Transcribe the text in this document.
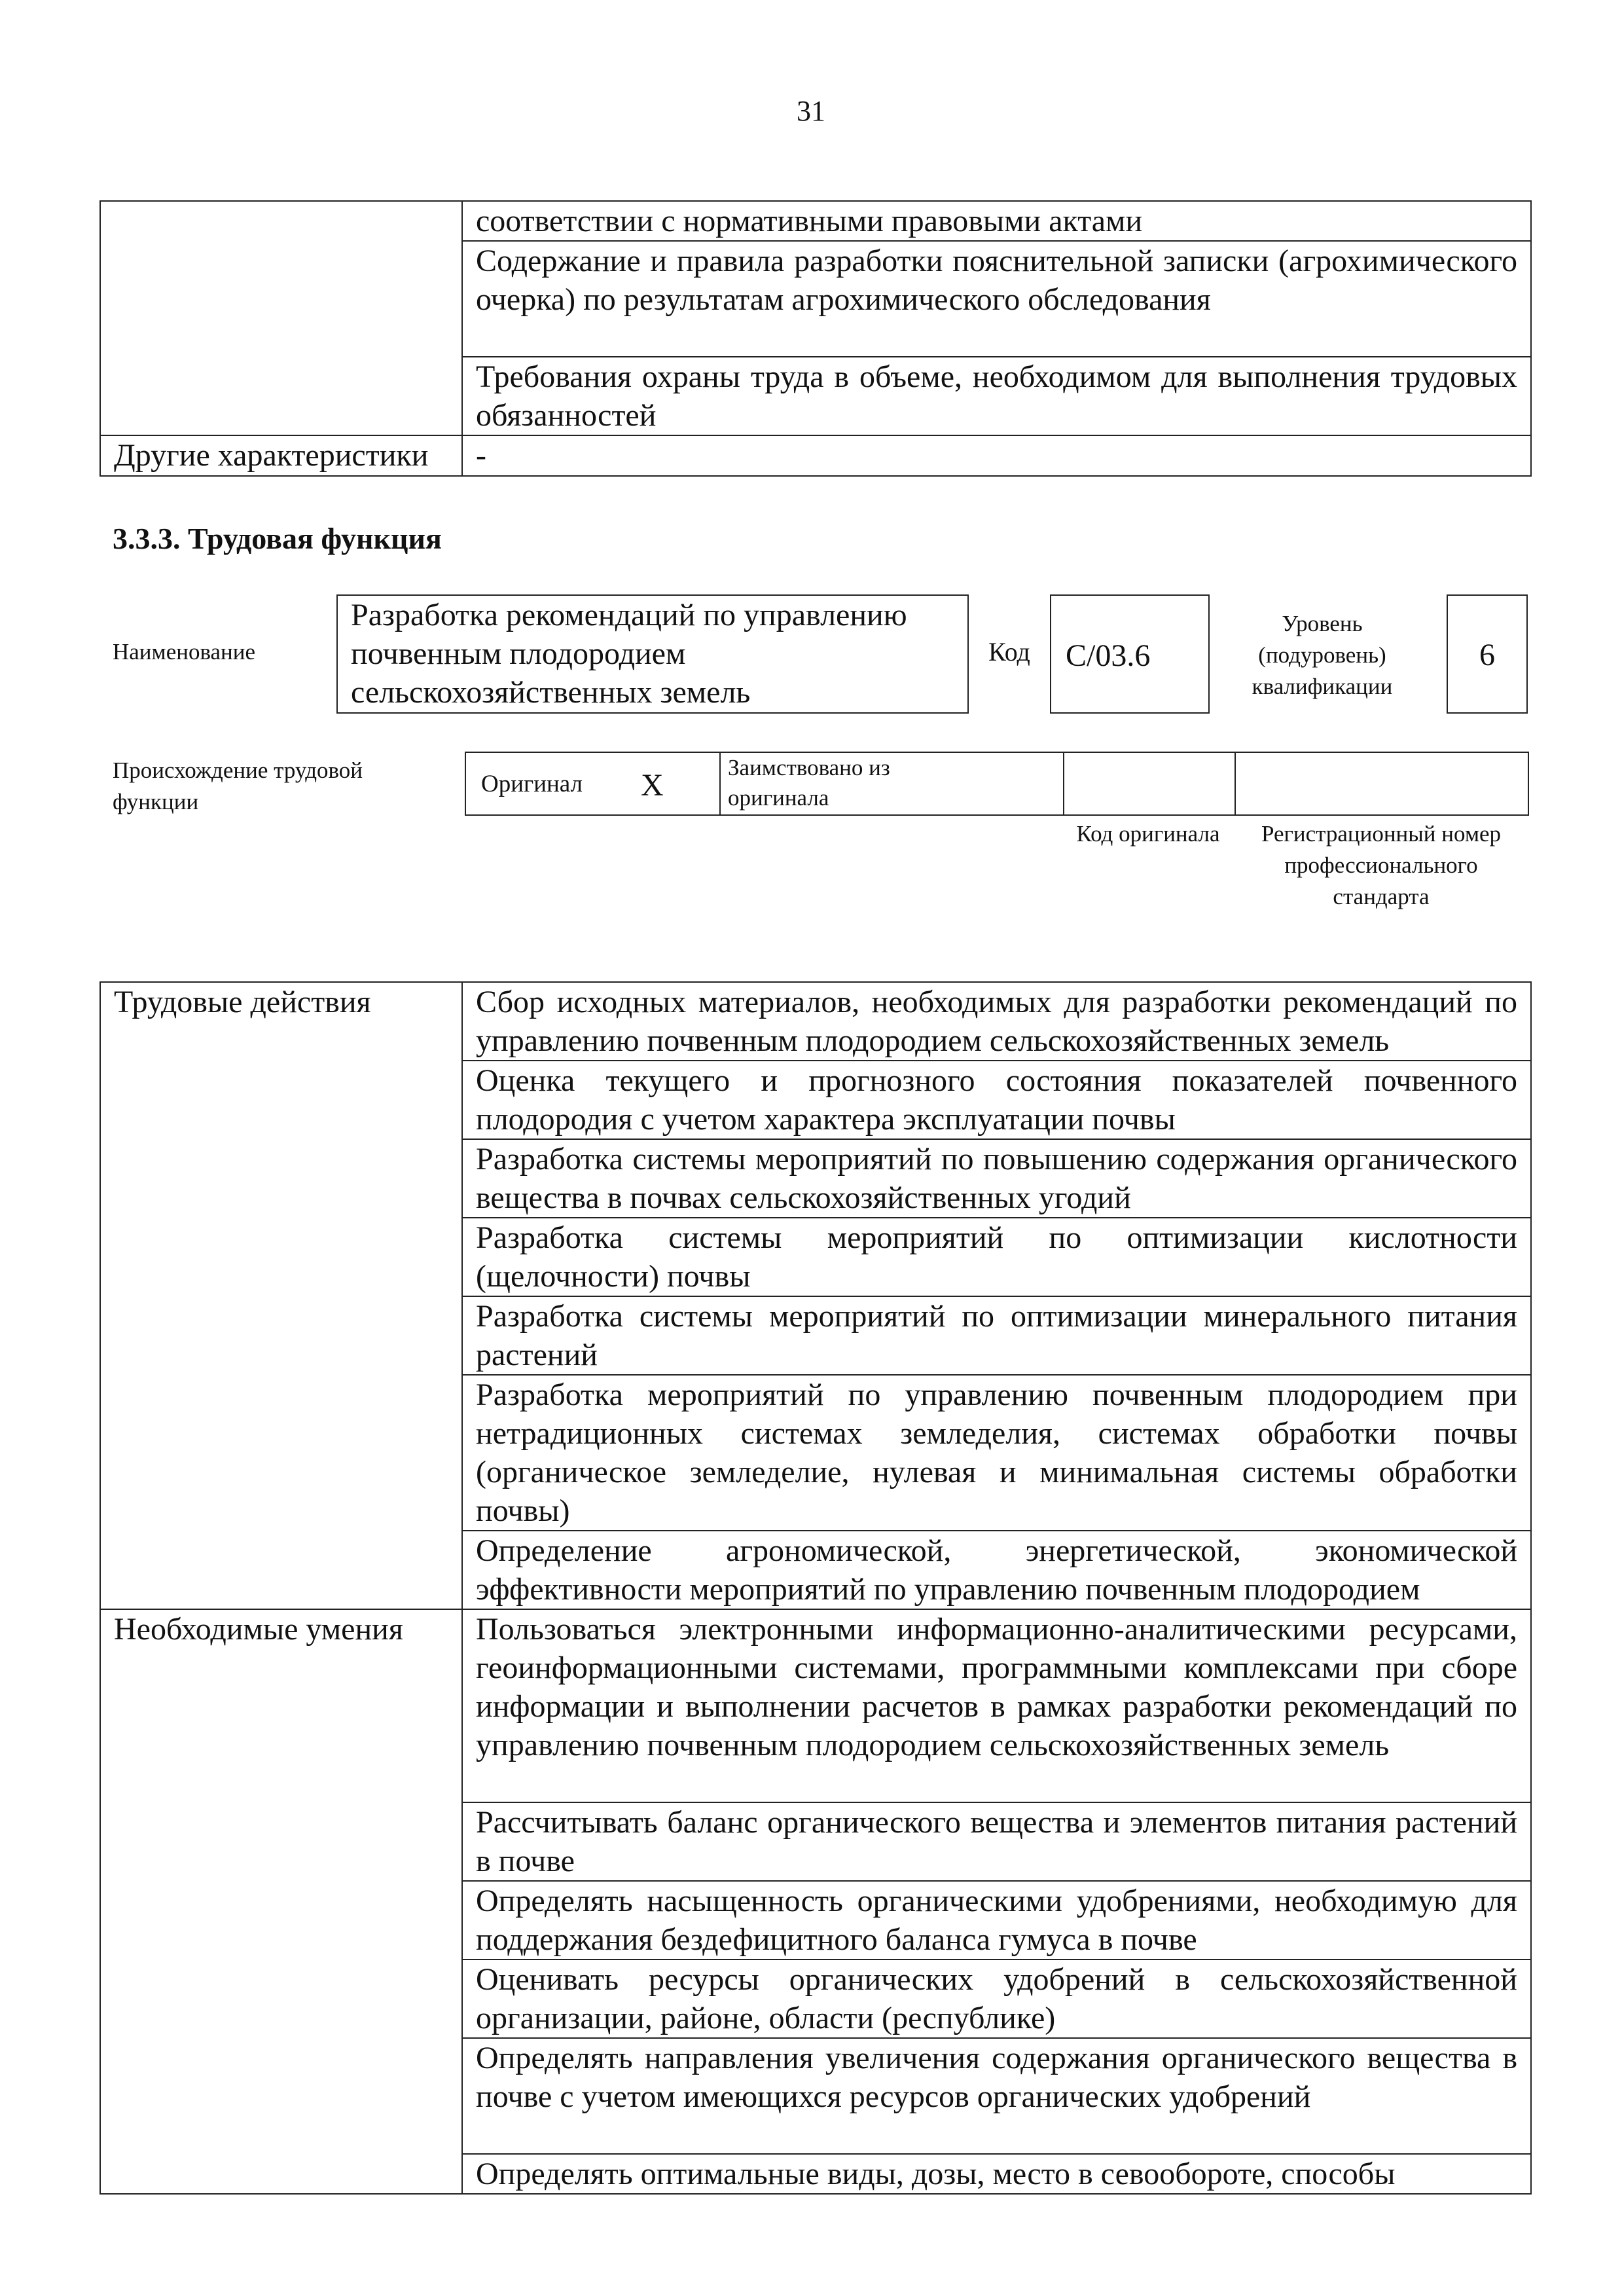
31
	соответствии с нормативными правовыми актами
	Содержание и правила разработки пояснительной записки (агрохимического очерка) по результатам агрохимического обследования
	Требования охраны труда в объеме, необходимом для выполнения трудовых обязанностей
Другие характеристики	-
3.3.3. Трудовая функция
Наименование
Разработка рекомендаций по управлению почвенным плодородием сельскохозяйственных земель
Код	C/03.6
Уровень (подуровень) квалификации
6
Происхождение трудовой функции
Оригинал X
Заимствовано из оригинала
Код оригинала	Регистрационный номер профессионального стандарта
Трудовые действия	Сбор исходных материалов, необходимых для разработки рекомендаций по управлению почвенным плодородием сельскохозяйственных земель
	Оценка текущего и прогнозного состояния показателей почвенного плодородия с учетом характера эксплуатации почвы
	Разработка системы мероприятий по повышению содержания органического вещества в почвах сельскохозяйственных угодий
	Разработка системы мероприятий по оптимизации кислотности (щелочности) почвы
	Разработка системы мероприятий по оптимизации минерального питания растений
	Разработка мероприятий по управлению почвенным плодородием при нетрадиционных системах земледелия, системах обработки почвы (органическое земледелие, нулевая и минимальная системы обработки почвы)
	Определение агрономической, энергетической, экономической эффективности мероприятий по управлению почвенным плодородием
Необходимые умения	Пользоваться электронными информационно-аналитическими ресурсами, геоинформационными системами, программными комплексами при сборе информации и выполнении расчетов в рамках разработки рекомендаций по управлению почвенным плодородием сельскохозяйственных земель
	Рассчитывать баланс органического вещества и элементов питания растений в почве
	Определять насыщенность органическими удобрениями, необходимую для поддержания бездефицитного баланса гумуса в почве
	Оценивать ресурсы органических удобрений в сельскохозяйственной организации, районе, области (республике)
	Определять направления увеличения содержания органического вещества в почве с учетом имеющихся ресурсов органических удобрений
	Определять оптимальные виды, дозы, место в севообороте, способы
